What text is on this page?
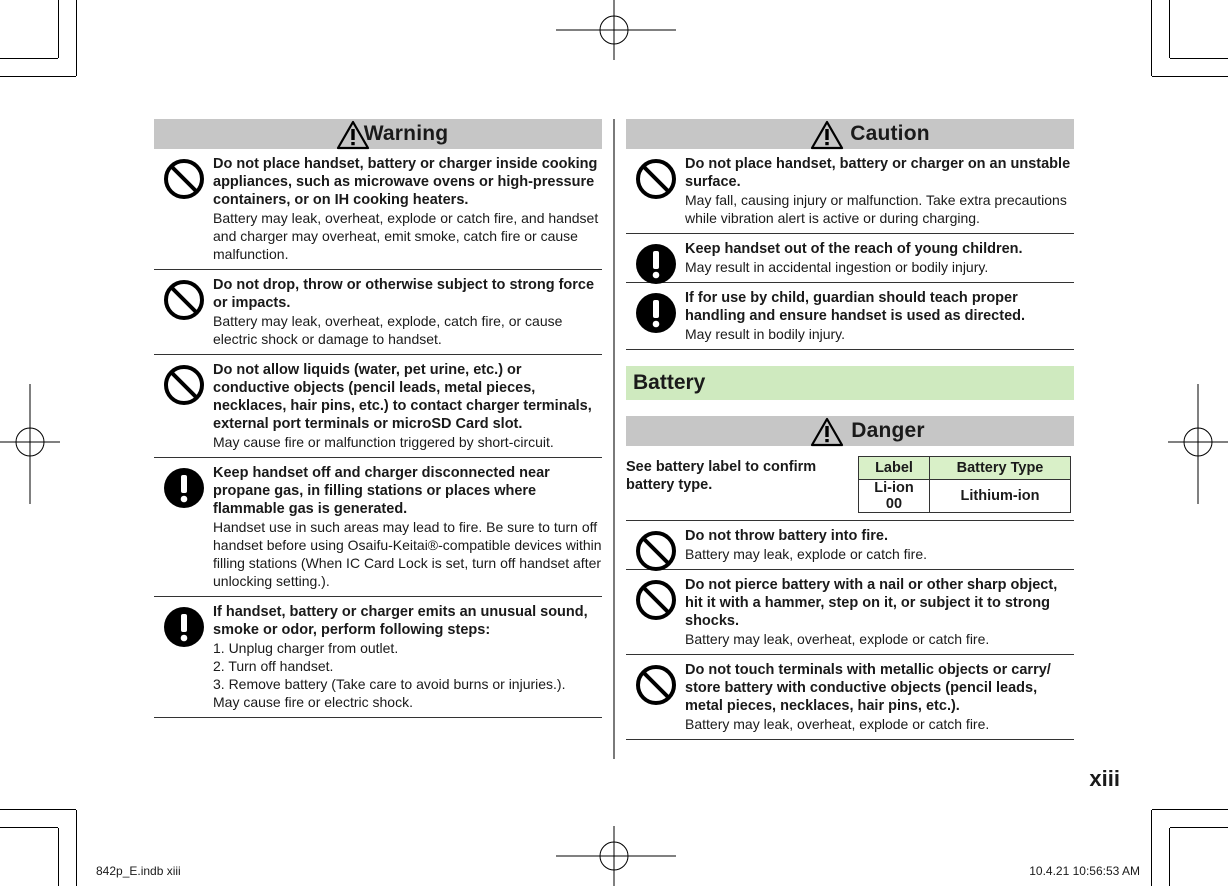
Warning
Do not place handset, battery or charger inside cooking appliances, such as microwave ovens or high-pressure containers, or on IH cooking heaters.
Battery may leak, overheat, explode or catch fire, and handset and charger may overheat, emit smoke, catch fire or cause malfunction.
Do not drop, throw or otherwise subject to strong force or impacts.
Battery may leak, overheat, explode, catch fire, or cause electric shock or damage to handset.
Do not allow liquids (water, pet urine, etc.) or conductive objects (pencil leads, metal pieces, necklaces, hair pins, etc.) to contact charger terminals, external port terminals or microSD Card slot.
May cause fire or malfunction triggered by short-circuit.
Keep handset off and charger disconnected near propane gas, in filling stations or places where flammable gas is generated.
Handset use in such areas may lead to fire. Be sure to turn off handset before using Osaifu-Keitai®-compatible devices within filling stations (When IC Card Lock is set, turn off handset after unlocking setting.).
If handset, battery or charger emits an unusual sound, smoke or odor, perform following steps:
1. Unplug charger from outlet.
2. Turn off handset.
3. Remove battery (Take care to avoid burns or injuries.).
May cause fire or electric shock.
Caution
Do not place handset, battery or charger on an unstable surface.
May fall, causing injury or malfunction. Take extra precautions while vibration alert is active or during charging.
Keep handset out of the reach of young children.
May result in accidental ingestion or bodily injury.
If for use by child, guardian should teach proper handling and ensure handset is used as directed.
May result in bodily injury.
Battery
Danger
See battery label to confirm battery type.
Label	Battery Type
Li-ion 00	Lithium-ion
Do not throw battery into fire.
Battery may leak, explode or catch fire.
Do not pierce battery with a nail or other sharp object, hit it with a hammer, step on it, or subject it to strong shocks.
Battery may leak, overheat, explode or catch fire.
Do not touch terminals with metallic objects or carry/ store battery with conductive objects (pencil leads, metal pieces, necklaces, hair pins, etc.).
Battery may leak, overheat, explode or catch fire.
xiii
842p_E.indb xiii	10.4.21 10:56:53 AM
